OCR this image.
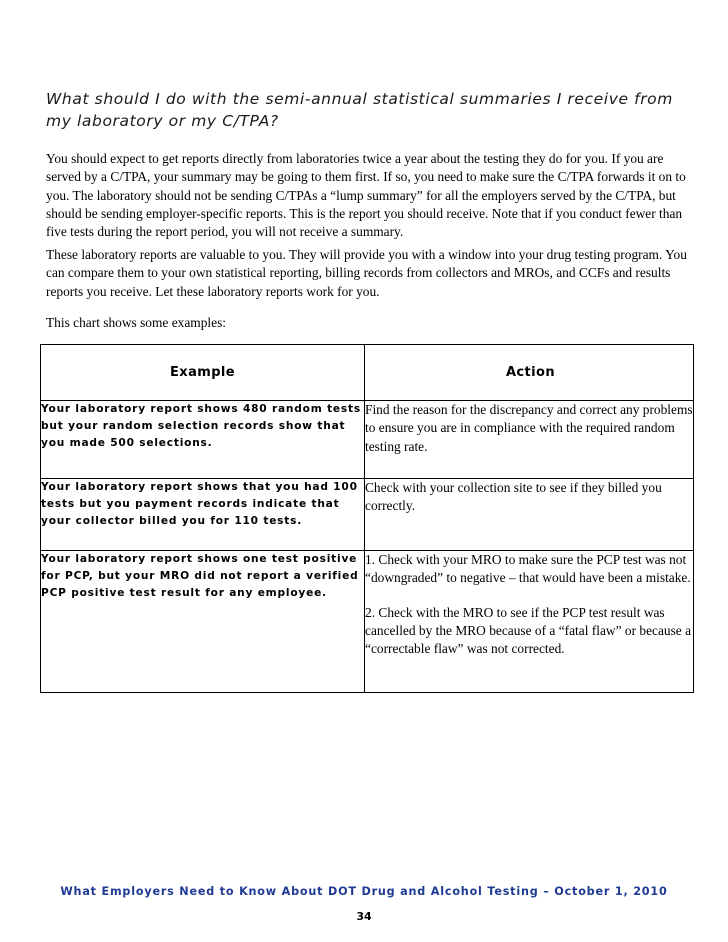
What should I do with the semi-annual statistical summaries I receive from my laboratory or my C/TPA?

You should expect to get reports directly from laboratories twice a year about the testing they do for you. If you are served by a C/TPA, your summary may be going to them first. If so, you need to make sure the C/TPA forwards it on to you. The laboratory should not be sending C/TPAs a “lump summary” for all the employers served by the C/TPA, but should be sending employer-specific reports. This is the report you should receive. Note that if you conduct fewer than five tests during the report period, you will not receive a summary.

These laboratory reports are valuable to you. They will provide you with a window into your drug testing program. You can compare them to your own statistical reporting, billing records from collectors and MROs, and CCFs and results reports you receive. Let these laboratory reports work for you.

This chart shows some examples:

Example	Action
Your laboratory report shows 480 random tests but your random selection records show that you made 500 selections.	Find the reason for the discrepancy and correct any problems to ensure you are in compliance with the required random testing rate.

Your laboratory report shows that you had 100 tests but you payment records indicate that your collector billed you for 110 tests.	Check with your collection site to see if they billed you correctly.

Your laboratory report shows one test positive for PCP, but your MRO did not report a verified PCP positive test result for any employee.	1. Check with your MRO to make sure the PCP test was not “downgraded” to negative – that would have been a mistake.

2. Check with the MRO to see if the PCP test result was cancelled by the MRO because of a “fatal flaw” or because a “correctable flaw” was not corrected.

What Employers Need to Know About DOT Drug and Alcohol Testing – October 1, 2010
34
